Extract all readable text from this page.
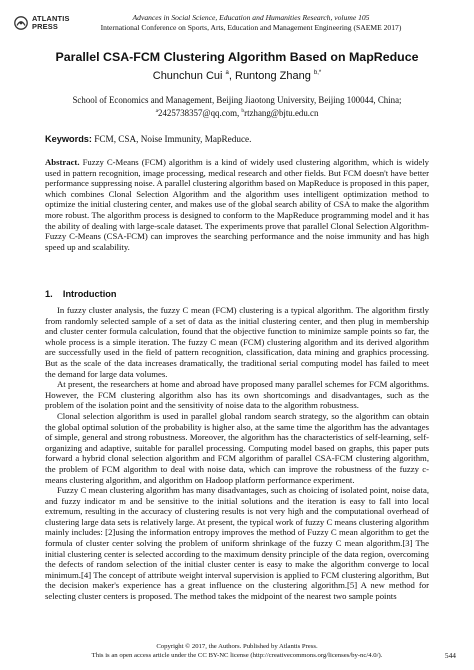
ATLANTIS
PRESS
Advances in Social Science, Education and Humanities Research, volume 105
International Conference on Sports, Arts, Education and Management Engineering (SAEME 2017)
Parallel CSA-FCM Clustering Algorithm Based on MapReduce
Chunchun Cui $^a$, Runtong Zhang $^{b,*}$
School of Economics and Management, Beijing Jiaotong University, Beijing 100044, China;
$^a$2425738357@qq.com, $^b$rtzhang@bjtu.edu.cn
Keywords: FCM, CSA, Noise Immunity, MapReduce.
Abstract. Fuzzy C-Means (FCM) algorithm is a kind of widely used clustering algorithm, which is widely used in pattern recognition, image processing, medical research and other fields. But FCM doesn't have better performance suppressing noise. A parallel clustering algorithm based on MapReduce is proposed in this paper, which combines Clonal Selection Algorithm and the algorithm uses intelligent optimization method to optimize the initial clustering center, and makes use of the global search ability of CSA to make the algorithm more robust. The algorithm process is designed to conform to the MapReduce programming model and it has the ability of dealing with large-scale dataset. The experiments prove that parallel Clonal Selection Algorithm-Fuzzy C-Means (CSA-FCM) can improves the searching performance and the noise immunity and has high speed up and scalability.
1. Introduction

In fuzzy cluster analysis, the fuzzy C mean (FCM) clustering is a typical algorithm. The algorithm firstly from randomly selected sample of a set of data as the initial clustering center, and then plug in membership and cluster center formula calculation, found that the objective function to minimize sample points so far, the whole process is a simple iteration. The fuzzy C mean (FCM) clustering algorithm and its derived algorithm are successfully used in the field of pattern recognition, classification, data mining and graphics processing. But as the scale of the data increases dramatically, the traditional serial computing model has failed to meet the demand for large data volumes.

At present, the researchers at home and abroad have proposed many parallel schemes for FCM algorithms. However, the FCM clustering algorithm also has its own shortcomings and disadvantages, such as the problem of the isolation point and the sensitivity of noise data to the algorithm robustness.

Clonal selection algorithm is used in parallel global random search strategy, so the algorithm can obtain the global optimal solution of the probability is higher also, at the same time the algorithm has the advantages of simple, general and strong robustness. Moreover, the algorithm has the characteristics of self-learning, self-organizing and adaptive, suitable for parallel processing. Computing model based on graphs, this paper puts forward a hybrid clonal selection algorithm and FCM algorithm of parallel CSA-FCM clustering algorithm, the problem of FCM algorithm to deal with noise data, which can improve the robustness of the fuzzy c-means clustering algorithm, and algorithm on Hadoop platform performance experiment.

Fuzzy C mean clustering algorithm has many disadvantages, such as choicing of isolated point, noise data, and fuzzy indicator m and be sensitive to the initial solutions and the iteration is easy to fall into local extremum, resulting in the accuracy of clustering results is not very high and the computational overhead of clustering large data sets is relatively large. At present, the typical work of fuzzy C means clustering algorithm mainly includes: [2]using the information entropy improves the method of Fuzzy C mean algorithm to get the formula of cluster center solving the problem of uniform shrinkage of the fuzzy C mean algorithm.[3] The initial clustering center is selected according to the maximum density principle of the data region, overcoming the defects of random selection of the initial cluster center is easy to make the algorithm converge to local minimum.[4] The concept of attribute weight interval supervision is applied to FCM clustering algorithm, But the decision maker's experience has a great influence on the clustering algorithm.[5] A new method for selecting cluster centers is proposed. The method takes the midpoint of the nearest two sample points

Copyright © 2017, the Authors. Published by Atlantis Press.
This is an open access article under the CC BY-NC license (http://creativecommons.org/licenses/by-nc/4.0/).	544
